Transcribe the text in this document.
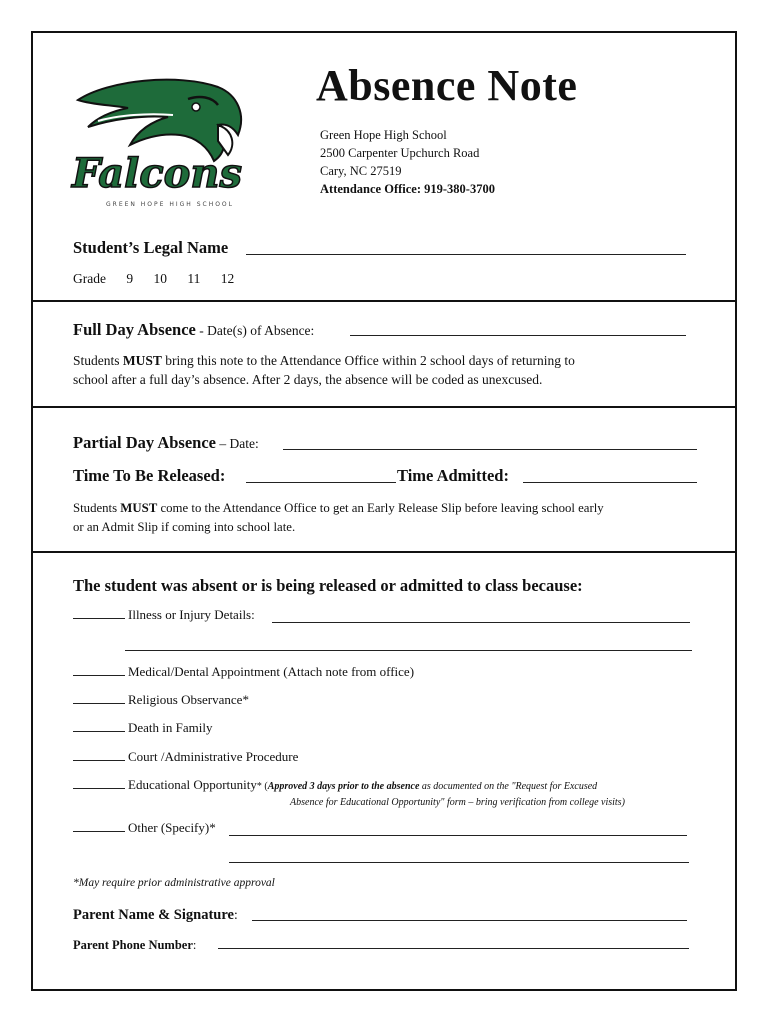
Falcons
GREEN HOPE HIGH SCHOOL
Absence Note
Green Hope High School
2500 Carpenter Upchurch Road
Cary, NC 27519
Attendance Office: 919-380-3700
Student’s Legal Name
Grade 9 10 11 12
Full Day Absence - Date(s) of Absence:
Students MUST bring this note to the Attendance Office within 2 school days of returning to
school after a full day’s absence. After 2 days, the absence will be coded as unexcused.
Partial Day Absence – Date:
Time To Be Released:	Time Admitted:
Students MUST come to the Attendance Office to get an Early Release Slip before leaving school early
or an Admit Slip if coming into school late.
The student was absent or is being released or admitted to class because:
Illness or Injury Details:
Medical/Dental Appointment (Attach note from office)
Religious Observance*
Death in Family
Court /Administrative Procedure
Educational Opportunity* (Approved 3 days prior to the absence as documented on the "Request for Excused
Absence for Educational Opportunity" form – bring verification from college visits)
Other (Specify)*
*May require prior administrative approval
Parent Name & Signature:
Parent Phone Number:
